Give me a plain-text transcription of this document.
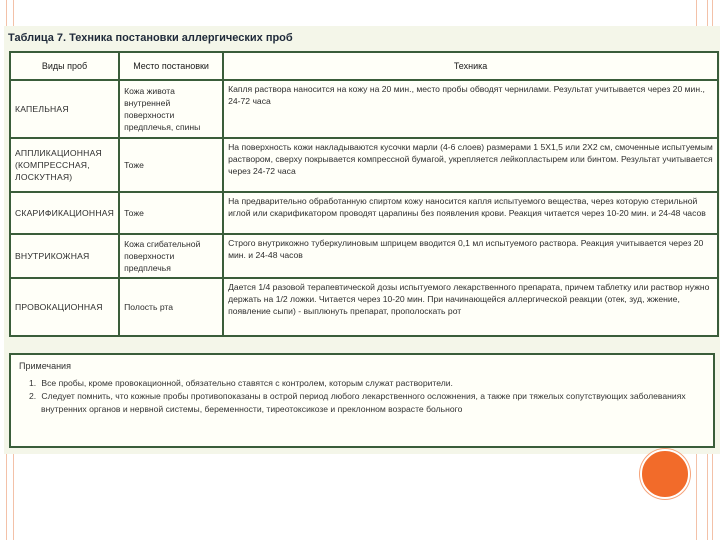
Таблица 7. Техника постановки аллергических проб
Виды проб	Место постановки	Техника
КАПЕЛЬНАЯ	Кожа живота внутренней поверхности предплечья, спины	Капля раствора наносится на кожу на 20 мин., место пробы обводят чернилами. Результат учитывается через 20 мин., 24-72 часа
АППЛИКАЦИОННАЯ (КОМПРЕССНАЯ, ЛОСКУТНАЯ)	Тоже	На поверхность кожи накладываются кусочки марли (4-6 слоев) размерами 1 5Х1,5 или 2Х2 см, смоченные испытуемым раствором, сверху покрывается компрессной бумагой, укрепляется лейкопластырем или бинтом. Результат учитывается через 24-72 часа
СКАРИФИКАЦИОННАЯ	Тоже	На предварительно обработанную спиртом кожу наносится капля испытуемого вещества, через которую стерильной иглой или скарификатором проводят царапины без появления крови. Реакция читается через 10-20 мин. и 24-48 часов
ВНУТРИКОЖНАЯ	Кожа сгибательной поверхности предплечья	Строго внутрикожно туберкулиновым шприцем вводится 0,1 мл испытуемого раствора. Реакция учитывается через 20 мин. и 24-48 часов
ПРОВОКАЦИОННАЯ	Полость рта	Дается 1/4 разовой терапевтической дозы испытуемого лекарственного препарата, причем таблетку или раствор нужно держать на 1/2 ложки. Читается через 10-20 мин. При начинающейся аллергической реакции (отек, зуд, жжение, появление сыпи) - выплюнуть препарат, прополоскать рот
Примечания
1. Все пробы, кроме провокационной, обязательно ставятся с контролем, которым служат растворители.
2. Следует помнить, что кожные пробы противопоказаны в острой период любого лекарственного осложнения, а также при тяжелых сопутствующих заболеваниях внутренних органов и нервной системы, беременности, тиреотоксикозе и преклонном возрасте больного
